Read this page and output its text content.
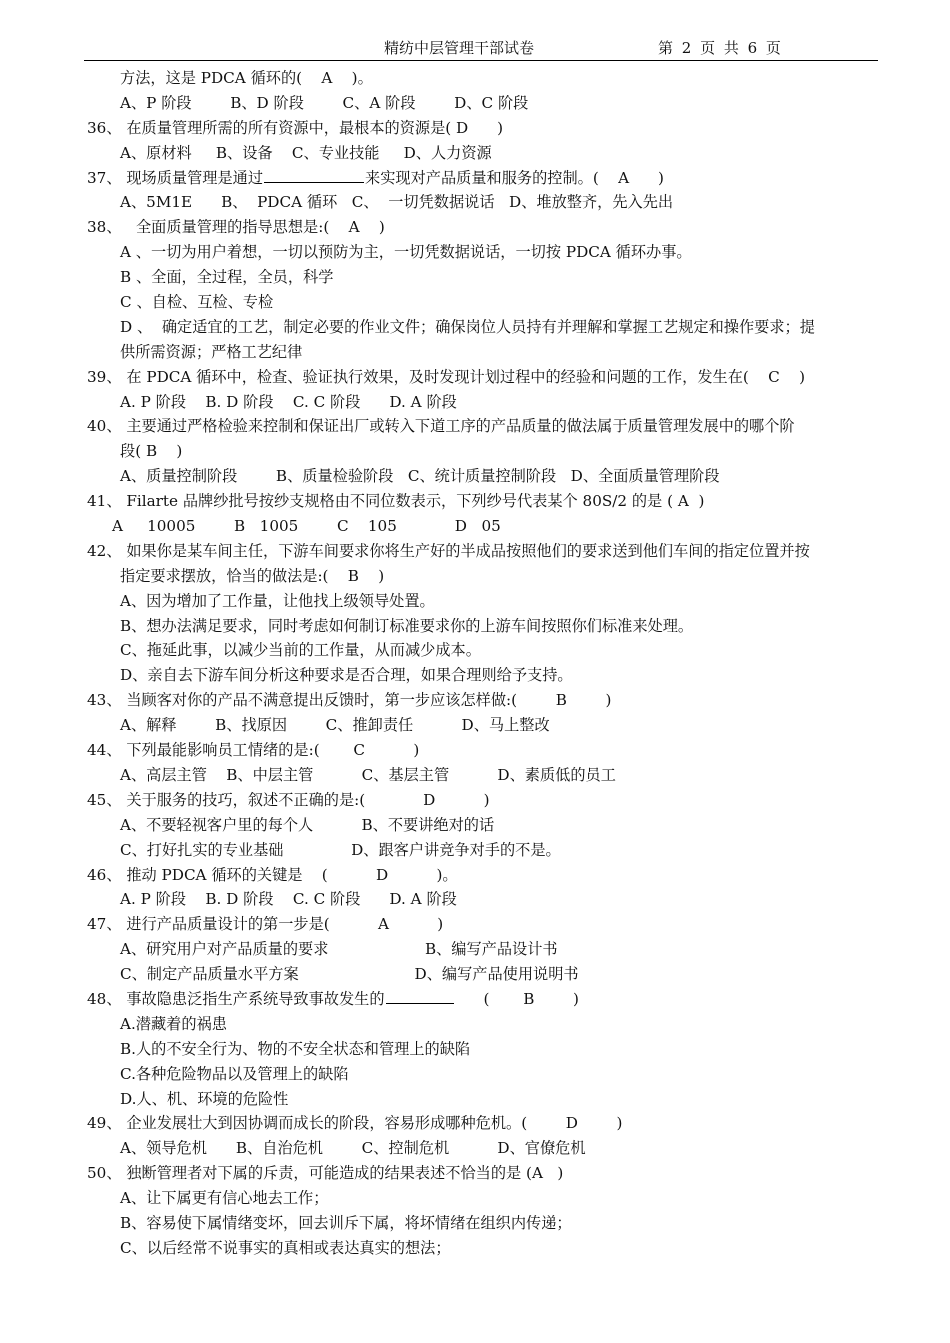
精纺中层管理干部试卷	第 2 页 共 6 页
方法，这是 PDCA 循环的(    A    )。
A、P 阶段        B、D 阶段        C、A 阶段        D、C 阶段
36、 在质量管理所需的所有资源中，最根本的资源是( D      )
A、原材料     B、设备    C、专业技能     D、人力资源
37、 现场质量管理是通过	来实现对产品质量和服务的控制。(    A      )
A、5M1E      B、  PDCA 循环   C、  一切凭数据说话   D、堆放整齐，先入先出
38、   全面质量管理的指导思想是:(    A    )
A 、一切为用户着想，一切以预防为主，一切凭数据说话，一切按 PDCA 循环办事。
B 、全面，全过程，全员，科学
C 、自检、互检、专检
D 、  确定适宜的工艺，制定必要的作业文件；确保岗位人员持有并理解和掌握工艺规定和操作要求；提
供所需资源；严格工艺纪律
39、 在 PDCA 循环中，检查、验证执行效果，及时发现计划过程中的经验和问题的工作，发生在(    C    )
A. P 阶段    B. D 阶段    C. C 阶段      D. A 阶段
40、 主要通过严格检验来控制和保证出厂或转入下道工序的产品质量的做法属于质量管理发展中的哪个阶
段( B    )
A、质量控制阶段        B、质量检验阶段   C、统计质量控制阶段   D、全面质量管理阶段
41、 Filarte 品牌纱批号按纱支规格由不同位数表示，下列纱号代表某个 80S/2 的是 ( A  )
A     10005        B   1005        C    105            D   05
42、 如果你是某车间主任，下游车间要求你将生产好的半成品按照他们的要求送到他们车间的指定位置并按
指定要求摆放，恰当的做法是:(    B    )
A、因为增加了工作量，让他找上级领导处置。
B、想办法满足要求，同时考虑如何制订标准要求你的上游车间按照你们标准来处理。
C、拖延此事，以减少当前的工作量，从而减少成本。
D、亲自去下游车间分析这种要求是否合理，如果合理则给予支持。
43、 当顾客对你的产品不满意提出反馈时，第一步应该怎样做:(        B        )
A、解释        B、找原因        C、推卸责任          D、马上整改
44、 下列最能影响员工情绪的是:(       C          )
A、高层主管    B、中层主管          C、基层主管          D、素质低的员工
45、 关于服务的技巧，叙述不正确的是:(            D          )
A、不要轻视客户里的每个人          B、不要讲绝对的话
C、打好扎实的专业基础              D、跟客户讲竞争对手的不是。
46、 推动 PDCA 循环的关键是    (          D          )。
A. P 阶段    B. D 阶段    C. C 阶段      D. A 阶段
47、 进行产品质量设计的第一步是(          A          )
A、研究用户对产品质量的要求                    B、编写产品设计书
C、制定产品质量水平方案                        D、编写产品使用说明书
48、 事故隐患泛指生产系统导致事故发生的	(       B        )
A.潜藏着的祸患
B.人的不安全行为、物的不安全状态和管理上的缺陷
C.各种危险物品以及管理上的缺陷
D.人、机、环境的危险性
49、 企业发展壮大到因协调而成长的阶段，容易形成哪种危机。(        D        )
A、领导危机      B、自治危机        C、控制危机          D、官僚危机
50、 独断管理者对下属的斥责，可能造成的结果表述不恰当的是 (A   )
A、让下属更有信心地去工作；
B、容易使下属情绪变坏，回去训斥下属，将坏情绪在组织内传递；
C、以后经常不说事实的真相或表达真实的想法；
